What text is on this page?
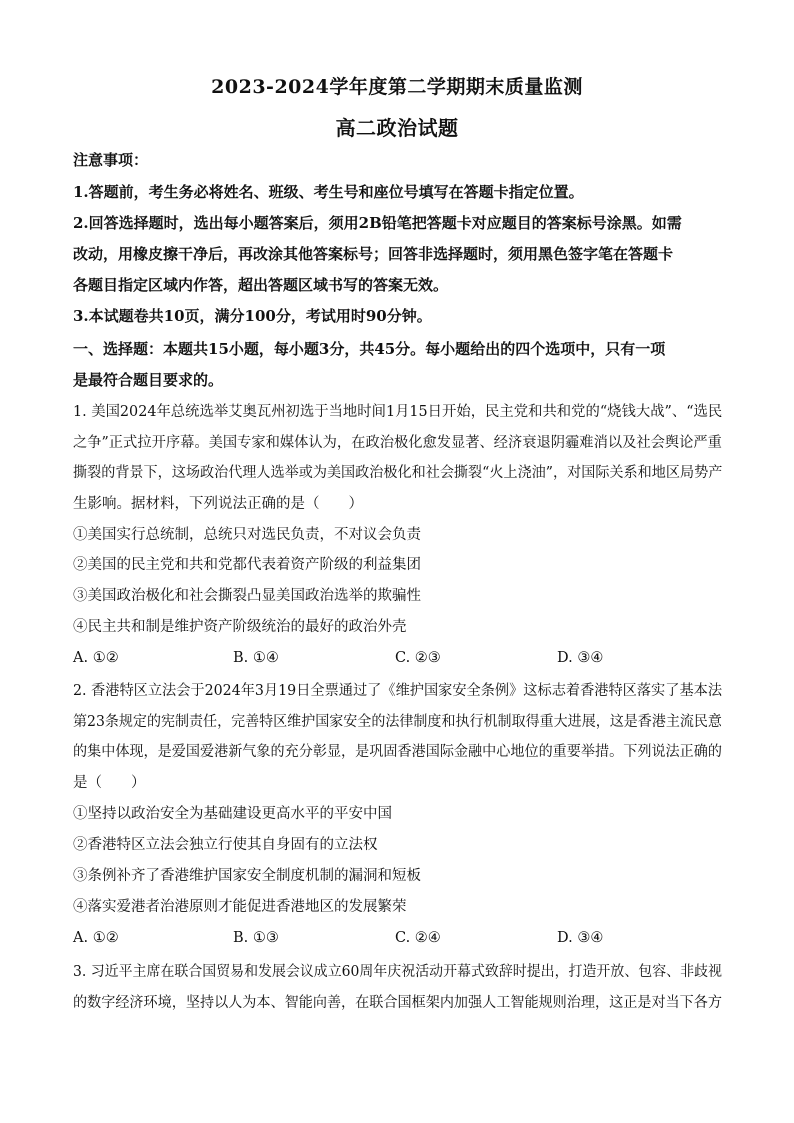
2023-2024学年度第二学期期末质量监测
高二政治试题
注意事项：
1.答题前，考生务必将姓名、班级、考生号和座位号填写在答题卡指定位置。
2.回答选择题时，选出每小题答案后，须用2B铅笔把答题卡对应题目的答案标号涂黑。如需
改动，用橡皮擦干净后，再改涂其他答案标号；回答非选择题时，须用黑色签字笔在答题卡
各题目指定区域内作答，超出答题区域书写的答案无效。
3.本试题卷共10页，满分100分，考试用时90分钟。
一、选择题：本题共15小题，每小题3分，共45分。每小题给出的四个选项中，只有一项
是最符合题目要求的。
1. 美国2024年总统选举艾奥瓦州初选于当地时间1月15日开始，民主党和共和党的“烧钱大战”、“选民
之争”正式拉开序幕。美国专家和媒体认为，在政治极化愈发显著、经济衰退阴霾难消以及社会舆论严重
撕裂的背景下，这场政治代理人选举或为美国政治极化和社会撕裂“火上浇油”，对国际关系和地区局势产
生影响。据材料，下列说法正确的是（　　）
①美国实行总统制，总统只对选民负责，不对议会负责
②美国的民主党和共和党都代表着资产阶级的利益集团
③美国政治极化和社会撕裂凸显美国政治选举的欺骗性
④民主共和制是维护资产阶级统治的最好的政治外壳
A. ①②	B. ①④	C. ②③	D. ③④
2. 香港特区立法会于2024年3月19日全票通过了《维护国家安全条例》这标志着香港特区落实了基本法
第23条规定的宪制责任，完善特区维护国家安全的法律制度和执行机制取得重大进展，这是香港主流民意
的集中体现，是爱国爱港新气象的充分彰显，是巩固香港国际金融中心地位的重要举措。下列说法正确的
是（　　）
①坚持以政治安全为基础建设更高水平的平安中国
②香港特区立法会独立行使其自身固有的立法权
③条例补齐了香港维护国家安全制度机制的漏洞和短板
④落实爱港者治港原则才能促进香港地区的发展繁荣
A. ①②	B. ①③	C. ②④	D. ③④
3. 习近平主席在联合国贸易和发展会议成立60周年庆祝活动开幕式致辞时提出，打造开放、包容、非歧视
的数字经济环境，坚持以人为本、智能向善，在联合国框架内加强人工智能规则治理，这正是对当下各方
